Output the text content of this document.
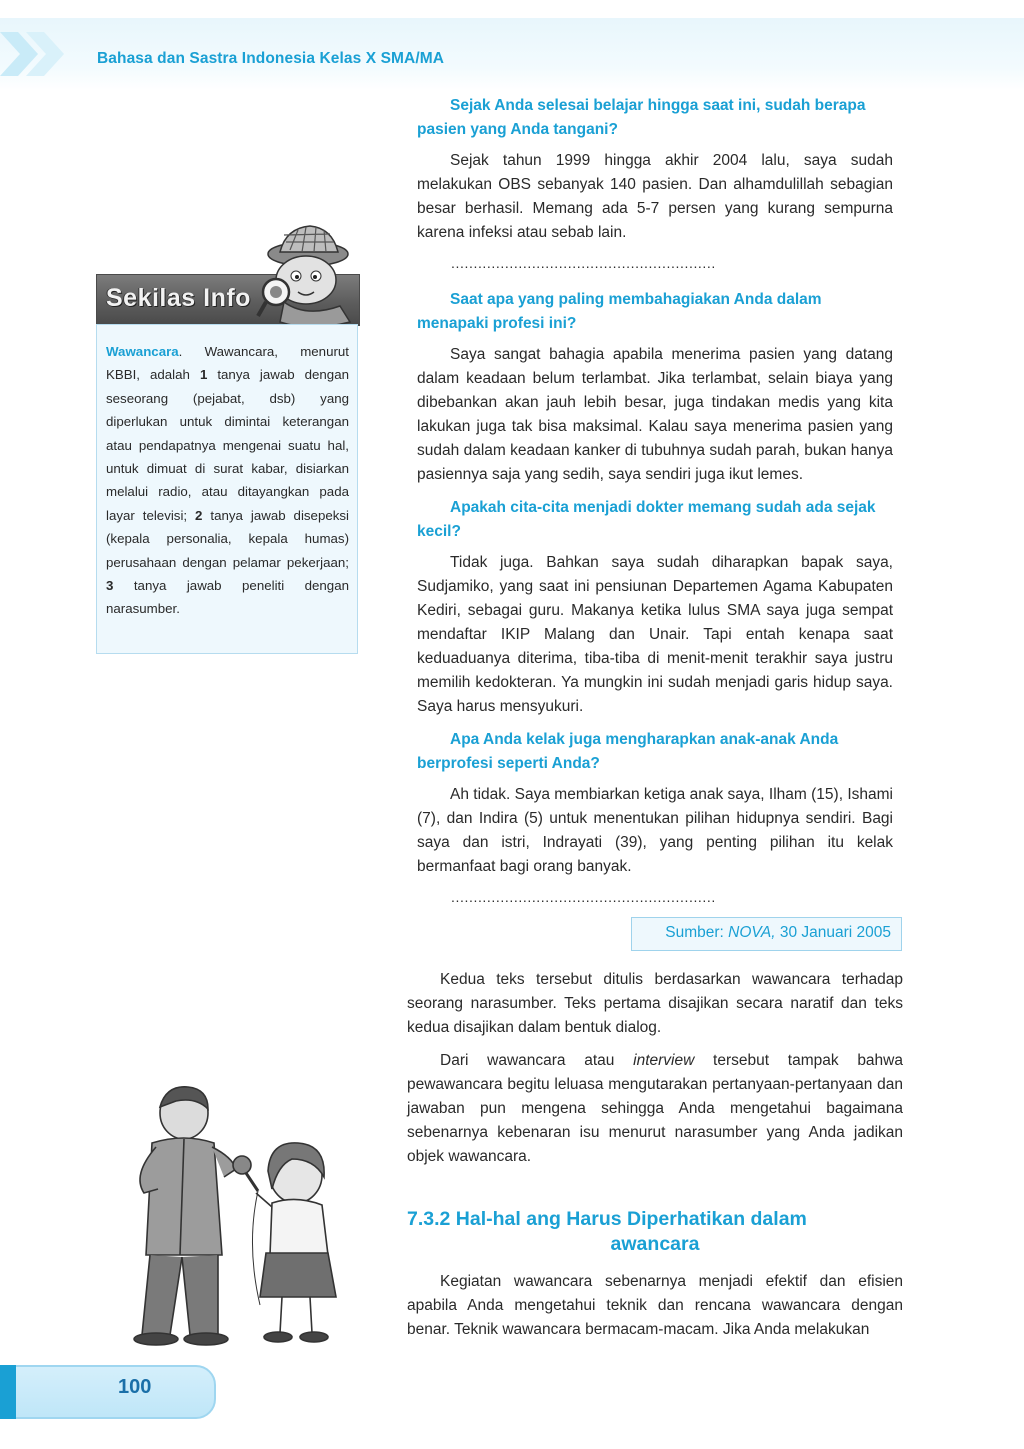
Bahasa dan Sastra Indonesia Kelas X SMA/MA
Sekilas Info
Wawancara. Wawancara, menurut KBBI, adalah 1 tanya jawab dengan seseorang (pejabat, dsb) yang diperlukan untuk dimintai keterangan atau pendapatnya mengenai suatu hal, untuk dimuat di surat kabar, disiarkan melalui radio, atau ditayangkan pada layar televisi; 2 tanya jawab diseреksi (kepala personalia, kepala humas) perusahaan dengan pelamar pekerjaan; 3 tanya jawab peneliti dengan narasumber.
Sejak Anda selesai belajar hingga saat ini, sudah berapa pasien yang Anda tangani?
Sejak tahun 1999 hingga akhir 2004 lalu, saya sudah melakukan OBS sebanyak 140 pasien. Dan alhamdulillah sebagian besar berhasil. Memang ada 5-7 persen yang kurang sempurna karena infeksi atau sebab lain.
...........................................................
Saat apa yang paling membahagiakan Anda dalam menapaki profesi ini?
Saya sangat bahagia apabila menerima pasien yang datang dalam keadaan belum terlambat. Jika terlambat, selain biaya yang dibebankan akan jauh lebih besar, juga tindakan medis yang kita lakukan juga tak bisa maksimal. Kalau saya menerima pasien yang sudah dalam keadaan kanker di tubuhnya sudah parah, bukan hanya pasiennya saja yang sedih, saya sendiri juga ikut lemes.
Apakah cita-cita menjadi dokter memang sudah ada sejak kecil?
Tidak juga. Bahkan saya sudah diharapkan bapak saya, Sudjamiko, yang saat ini pensiunan Departemen Agama Kabupaten Kediri, sebagai guru. Makanya ketika lulus SMA saya juga sempat mendaftar IKIP Malang dan Unair. Tapi entah kenapa saat keduaduanya diterima, tiba-tiba di menit-menit terakhir saya justru memilih kedokteran. Ya mungkin ini sudah menjadi garis hidup saya. Saya harus mensyukuri.
Apa Anda kelak juga mengharapkan anak-anak Anda berprofesi seperti Anda?
Ah tidak. Saya membiarkan ketiga anak saya, Ilham (15), Ishami (7), dan Indira (5) untuk menentukan pilihan hidupnya sendiri. Bagi saya dan istri, Indrayati (39), yang penting pilihan itu kelak bermanfaat bagi orang banyak.
...........................................................
Sumber: NOVA, 30 Januari 2005
Kedua teks tersebut ditulis berdasarkan wawancara terhadap seorang narasumber. Teks pertama disajikan secara naratif dan teks kedua disajikan dalam bentuk dialog.
Dari wawancara atau interview tersebut tampak bahwa pewawancara begitu leluasa mengutarakan pertanyaan-pertanyaan dan jawaban pun mengena sehingga Anda mengetahui bagaimana sebenarnya kebenaran isu menurut narasumber yang Anda jadikan objek wawancara.
7.3.2 Hal-hal ang Harus Diperhatikan dalam
awancara
Kegiatan wawancara sebenarnya menjadi efektif dan efisien apabila Anda mengetahui teknik dan rencana wawancara dengan benar. Teknik wawancara bermacam-macam. Jika Anda melakukan
100
